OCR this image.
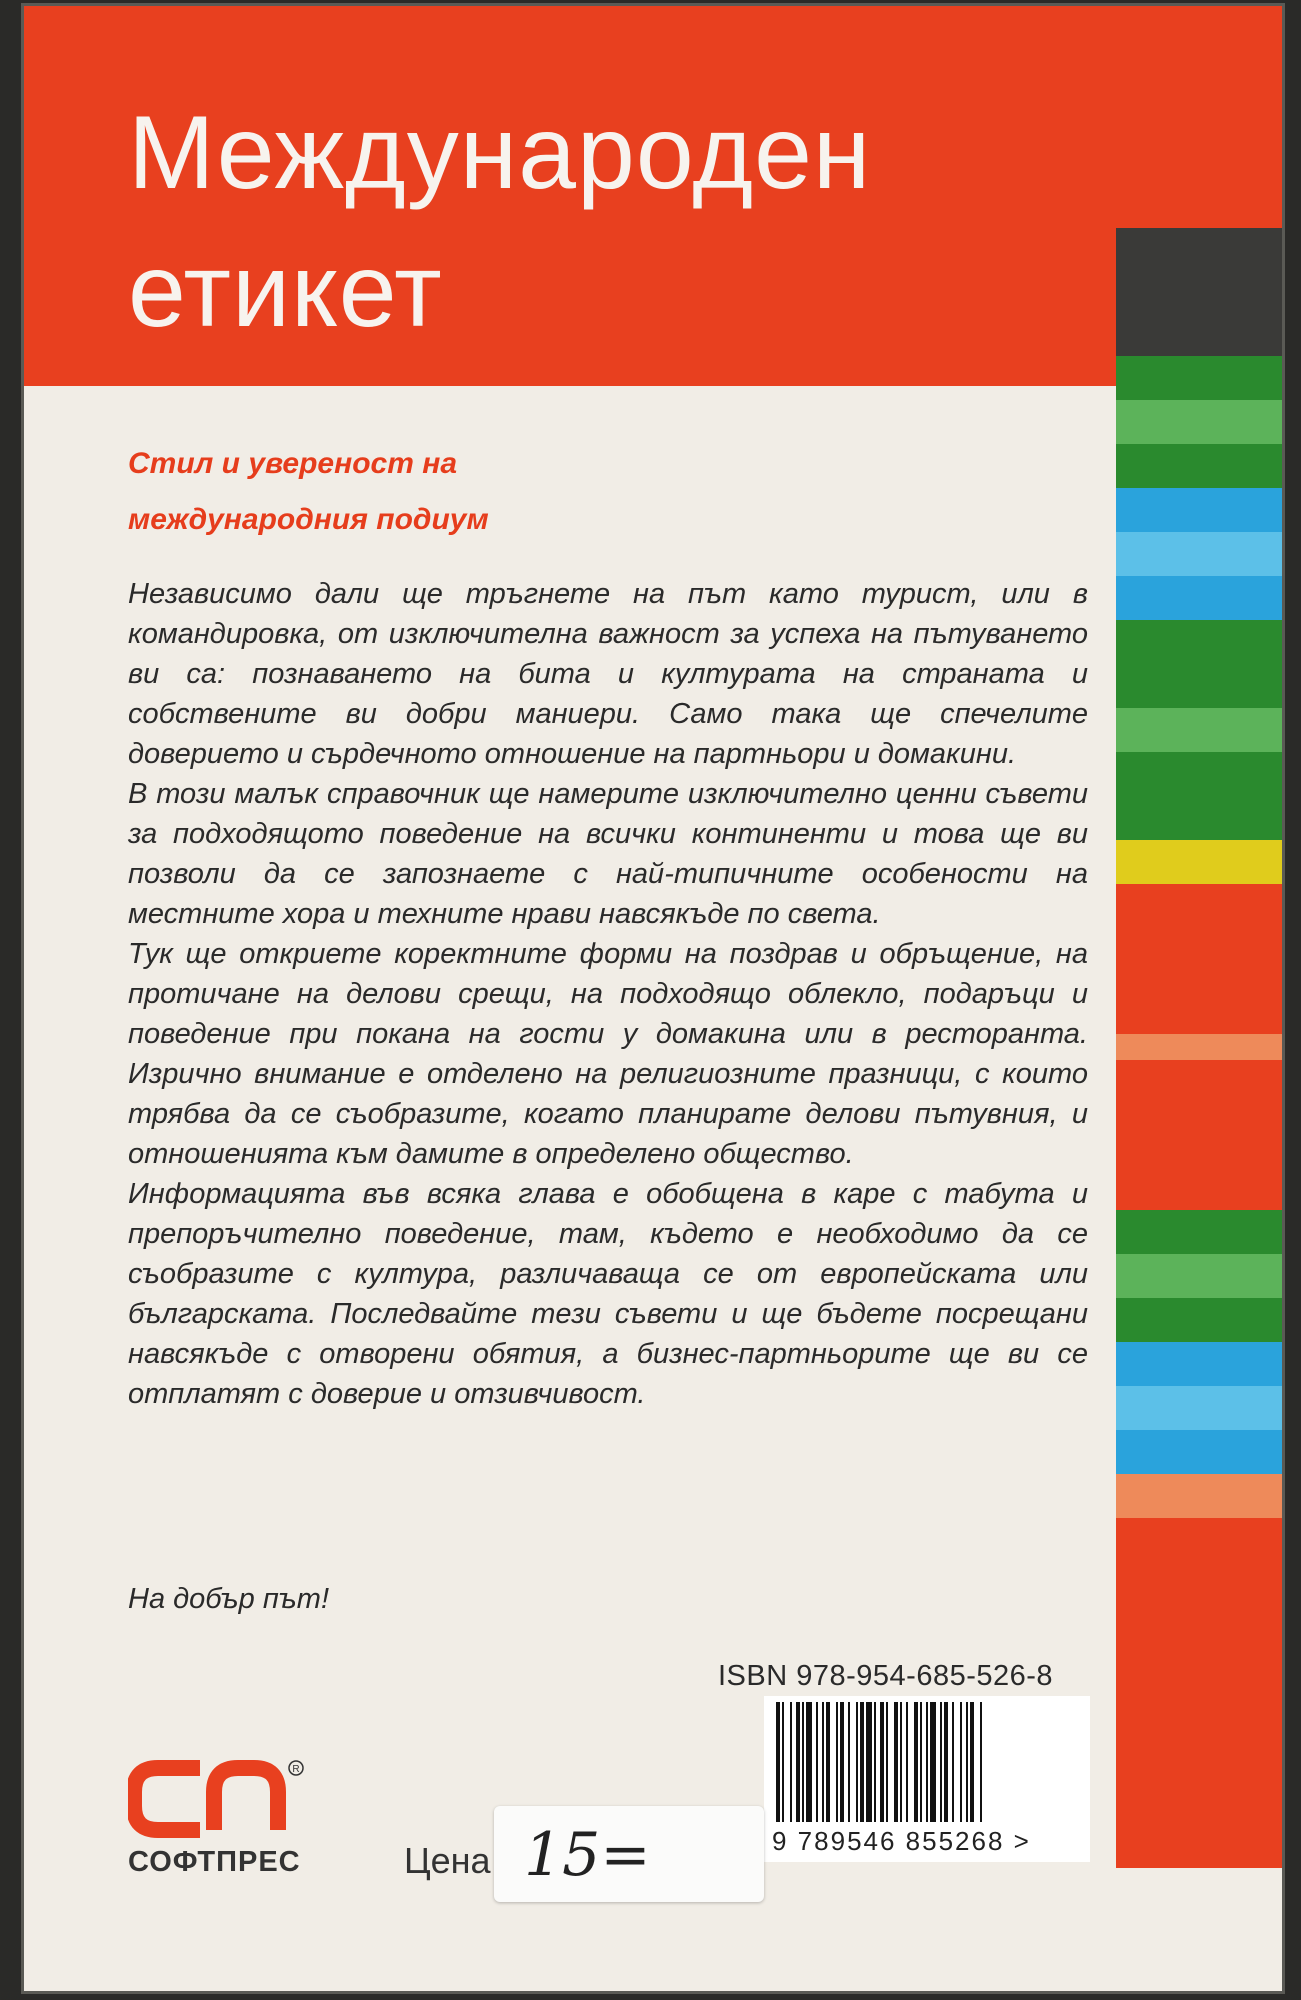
Международен
етикет
Стил и увереност на
международния подиум

Независимо дали ще тръгнете на път като турист, или в командировка, от изключителна важност за успеха на пътуването ви са: познаването на бита и културата на страната и собствените ви добри маниери. Само така ще спечелите доверието и сърдечното отношение на партньори и домакини.

В този малък справочник ще намерите изключително ценни съвети за подходящото поведение на всички континенти и това ще ви позволи да се запознаете с най-типичните особености на местните хора и техните нрави навсякъде по света.

Тук ще откриете коректните форми на поздрав и обръщение, на протичане на делови срещи, на подходящо облекло, подаръци и поведение при покана на гости у домакина или в ресторанта. Изрично внимание е отделено на религиозните празници, с които трябва да се съобразите, когато планирате делови пътувния, и отношенията към дамите в определено общество.

Информацията във всяка глава е обобщена в каре с табута и препоръчително поведение, там, където е необходимо да се съобразите с култура, различаваща се от европейската или българската. Последвайте тези съвети и ще бъдете посрещани навсякъде с отворени обятия, а бизнес-партньорите ще ви се отплатят с доверие и отзивчивост.

На добър път!
ISBN 978-954-685-526-8
9 789546 855268 >
R
СОФТПРЕС	Цена 15=
